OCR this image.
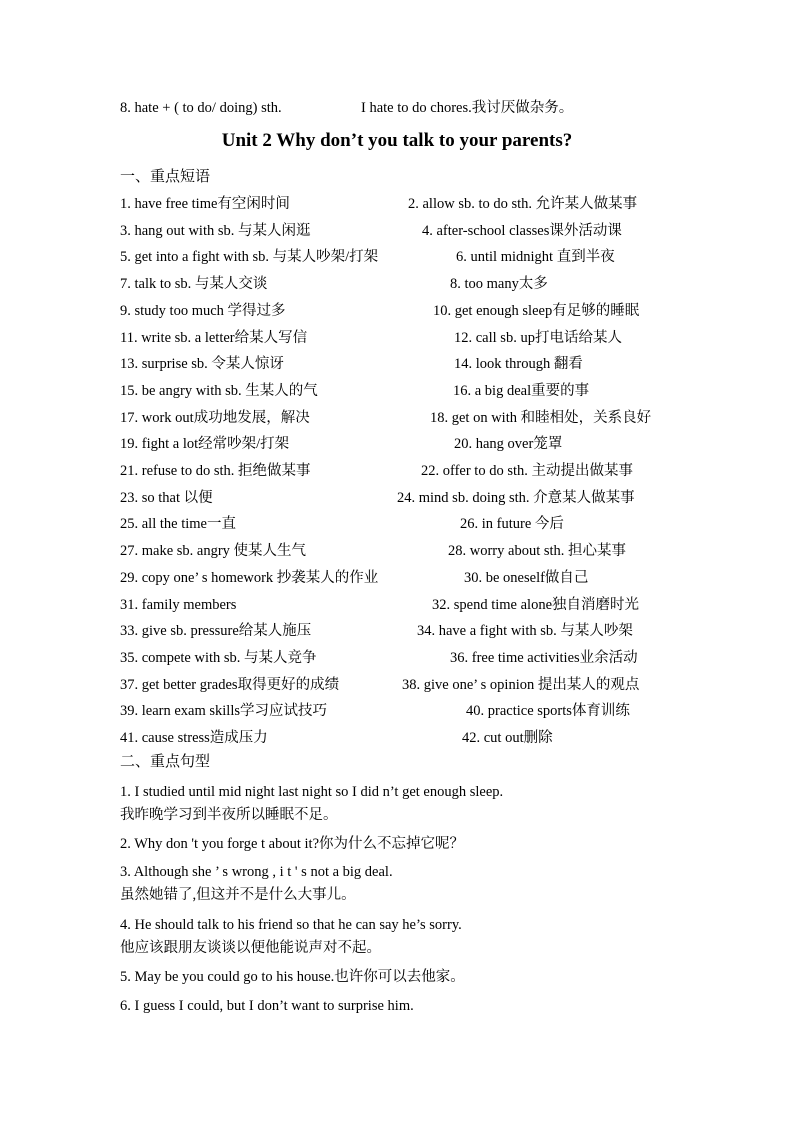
8. hate + ( to do/ doing) sth.	I hate to do chores.我讨厌做杂务。
Unit 2 Why don’t you talk to your parents?
一、重点短语
1. have free time有空闲时间	2. allow sb. to do sth. 允许某人做某事
3. hang out with sb. 与某人闲逛	4. after-school classes课外活动课
5. get into a fight with sb. 与某人吵架/打架	6. until midnight 直到半夜
7. talk to sb. 与某人交谈	8. too many太多
9. study too much 学得过多	10. get enough sleep有足够的睡眠
11. write sb. a letter给某人写信	12. call sb. up打电话给某人
13. surprise sb. 令某人惊讶	14. look through 翻看
15. be angry with sb. 生某人的气	16. a big deal重要的事
17. work out成功地发展，解决	18. get on with 和睦相处，关系良好
19. fight a lot经常吵架/打架	20. hang over笼罩
21. refuse to do sth. 拒绝做某事	22. offer to do sth. 主动提出做某事
23. so that 以便	24. mind sb. doing sth. 介意某人做某事
25. all the time一直	26. in future 今后
27. make sb. angry 使某人生气	28. worry about sth. 担心某事
29. copy one’ s homework 抄袭某人的作业	30. be oneself做自己
31. family members	32. spend time alone独自消磨时光
33. give sb. pressure给某人施压	34. have a fight with sb. 与某人吵架
35. compete with sb. 与某人竞争	36. free time activities业余活动
37. get better grades取得更好的成绩	38. give one’ s opinion 提出某人的观点
39. learn exam skills学习应试技巧	40. practice sports体育训练
41. cause stress造成压力	42. cut out删除
二、重点句型
1. I studied until mid night last night so I did n’t get enough sleep.
我昨晚学习到半夜所以睡眠不足。
2. Why don 't you forge t about it?你为什么不忘掉它呢？
3. Although she ’ s wrong , i t ' s not a big deal.
虽然她错了,但这并不是什么大事儿。
4. He should talk to his friend so that he can say he’s sorry.
他应该跟朋友谈谈以便他能说声对不起。
5. May be you could go to his house.也许你可以去他家。
6. I guess I could, but I don’t want to surprise him.
